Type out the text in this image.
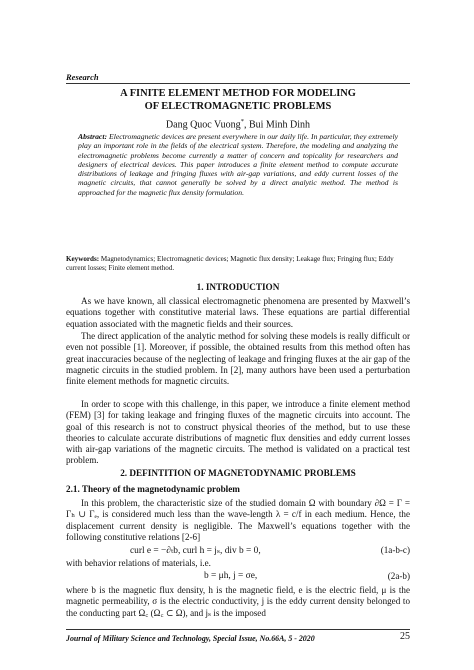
Research
A FINITE ELEMENT METHOD FOR MODELING
OF ELECTROMAGNETIC PROBLEMS
Dang Quoc Vuong*, Bui Minh Dinh
Abstract: Electromagnetic devices are present everywhere in our daily life. In particular, they extremely play an important role in the fields of the electrical system. Therefore, the modeling and analyzing the electromagnetic problems become currently a matter of concern and topicality for researchers and designers of electrical devices. This paper introduces a finite element method to compute accurate distributions of leakage and fringing fluxes with air-gap variations, and eddy current losses of the magnetic circuits, that cannot generally be solved by a direct analytic method. The method is approached for the magnetic flux density formulation.
Keywords: Magnetodynamics; Electromagnetic devices; Magnetic flux density; Leakage flux; Fringing flux; Eddy current losses; Finite element method.
1. INTRODUCTION

As we have known, all classical electromagnetic phenomena are presented by Maxwell’s equations together with constitutive material laws. These equations are partial differential equation associated with the magnetic fields and their sources.

The direct application of the analytic method for solving these models is really difficult or even not possible [1]. Moreover, if possible, the obtained results from this method often has great inaccuracies because of the neglecting of leakage and fringing fluxes at the air gap of the magnetic circuits in the studied problem. In [2], many authors have been used a perturbation finite element methods for magnetic circuits.

In order to scope with this challenge, in this paper, we introduce a finite element method (FEM) [3] for taking leakage and fringing fluxes of the magnetic circuits into account. The goal of this research is not to construct physical theories of the method, but to use these theories to calculate accurate distributions of magnetic flux densities and eddy current losses with air-gap variations of the magnetic circuits. The method is validated on a practical test problem.

2. DEFINTITION OF MAGNETODYNAMIC PROBLEMS
2.1. Theory of the magnetodynamic problem

In this problem, the characteristic size of the studied domain Ω with boundary ∂Ω = Γ = Γₕ ∪ Γₑ, is considered much less than the wave-length λ = c/f in each medium. Hence, the displacement current density is negligible. The Maxwell’s equations together with the following constitutive relations [2-6]

curl e = −∂ₜb, curl h = jₛ, div b = 0,	(1a-b-c)

with behavior relations of materials, i.e.

b = μh, j = σe,	(2a-b)

where b is the magnetic flux density, h is the magnetic field, e is the electric field, μ is the magnetic permeability, σ is the electric conductivity, j is the eddy current density belonged to the conducting part Ω꜀ (Ω꜀ ⊂ Ω), and jₛ is the imposed

Journal of Military Science and Technology, Special Issue, No.66A, 5 - 2020	25
